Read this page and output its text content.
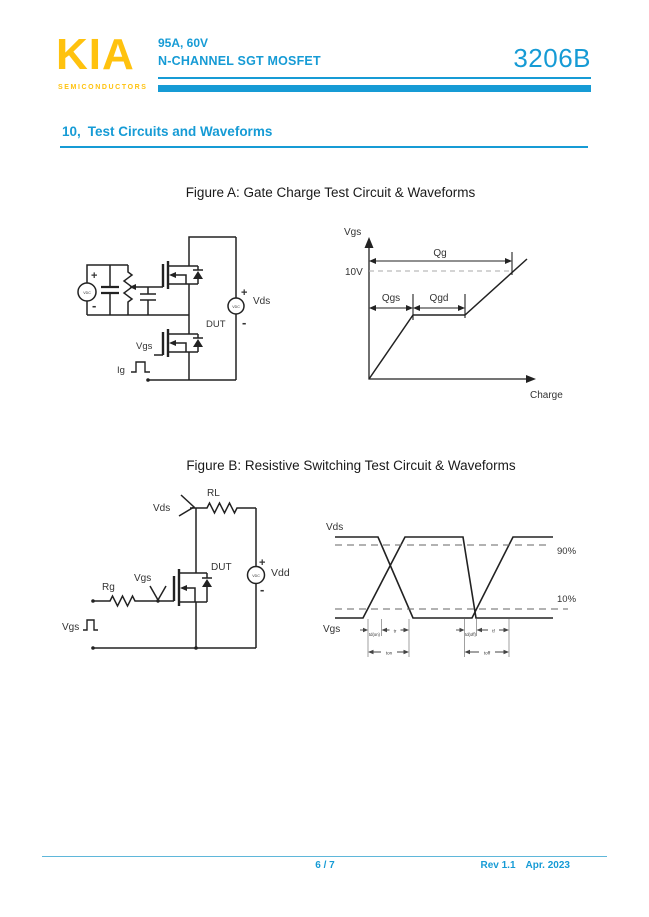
KIA
SEMICONDUCTORS
95A, 60V
N-CHANNEL SGT MOSFET	3206B
10, Test Circuits and Waveforms
Figure A: Gate Charge Test Circuit & Waveforms
+
-
VDC
Vgs
Ig
DUT
+
Vds
-
VDC
Vgs
10V
Qg
Qgs	Qgd
Charge
Figure B: Resistive Switching Test Circuit & Waveforms
RL
Vds
Vgs
Rg
DUT +
Vdd
-
VDC
Vgs
Vds
Vgs
90%
10%
td(on)
tr
ton
td(off)
tf
toff
6 / 7	Rev 1.1 Apr. 2023
